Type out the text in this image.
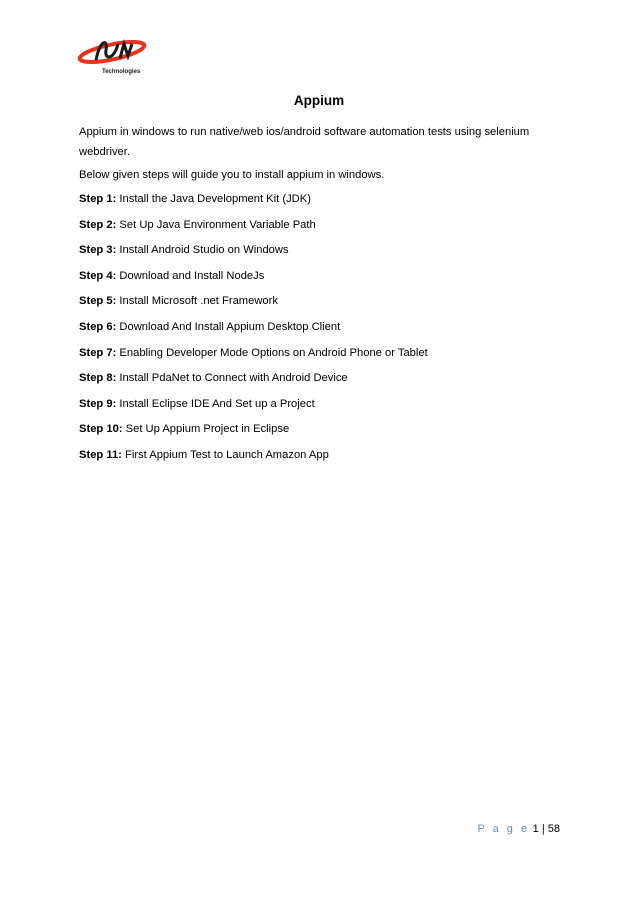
Technologies
Appium

Appium in windows to run native/web ios/android software automation tests using selenium webdriver.

Below given steps will guide you to install appium in windows.

Step 1: Install the Java Development Kit (JDK)
Step 2: Set Up Java Environment Variable Path
Step 3: Install Android Studio on Windows
Step 4: Download and Install NodeJs
Step 5: Install Microsoft .net Framework
Step 6: Download And Install Appium Desktop Client
Step 7: Enabling Developer Mode Options on Android Phone or Tablet
Step 8: Install PdaNet to Connect with Android Device
Step 9: Install Eclipse IDE And Set up a Project
Step 10: Set Up Appium Project in Eclipse
Step 11: First Appium Test to Launch Amazon App
P a g e 1 | 58
